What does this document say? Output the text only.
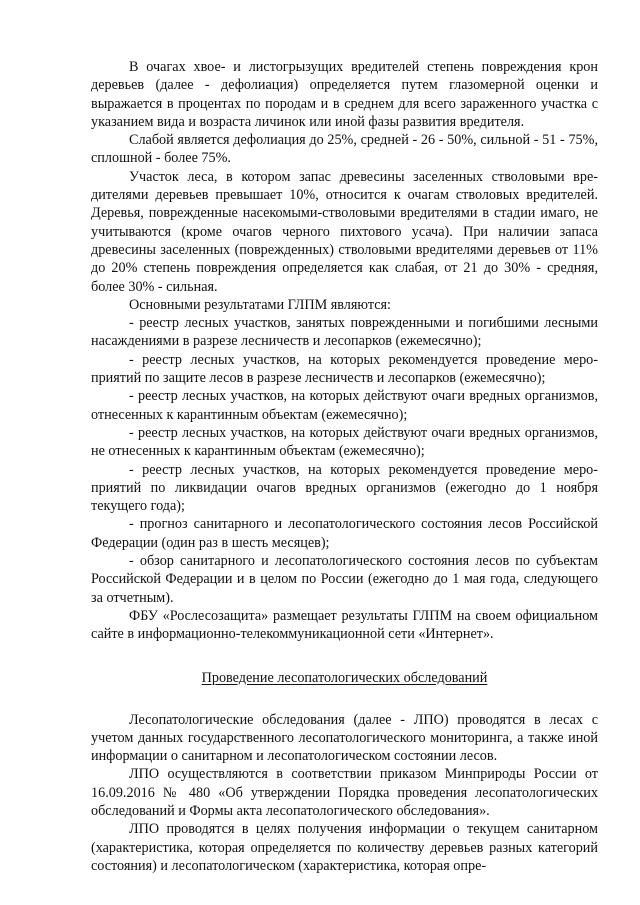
В очагах хвое- и листогрызущих вредителей степень повреждения крон деревьев (далее - дефолиация) определяется путем глазомерной оценки и выражается в процентах по породам и в среднем для всего зараженного участка с указанием вида и возраста личинок или иной фазы развития вредителя.

Слабой является дефолиация до 25%, средней - 26 - 50%, сильной - 51 - 75%, сплошной - более 75%.

Участок леса, в котором запас древесины заселенных стволовыми вредителями деревьев превышает 10%, относится к очагам стволовых вредителей. Деревья, поврежденные насекомыми-стволовыми вредителями в стадии имаго, не учитываются (кроме очагов черного пихтового усача). При наличии запаса древесины заселенных (поврежденных) стволовыми вредителями деревьев от 11% до 20% степень повреждения определяется как слабая, от 21 до 30% - средняя, более 30% - сильная.

Основными результатами ГЛПМ являются:

- реестр лесных участков, занятых поврежденными и погибшими лесными насаждениями в разрезе лесничеств и лесопарков (ежемесячно);

- реестр лесных участков, на которых рекомендуется проведение мероприятий по защите лесов в разрезе лесничеств и лесопарков (ежемесячно);

- реестр лесных участков, на которых действуют очаги вредных организмов, отнесенных к карантинным объектам (ежемесячно);

- реестр лесных участков, на которых действуют очаги вредных организмов, не отнесенных к карантинным объектам (ежемесячно);

- реестр лесных участков, на которых рекомендуется проведение мероприятий по ликвидации очагов вредных организмов (ежегодно до 1 ноября текущего года);

- прогноз санитарного и лесопатологического состояния лесов Российской Федерации (один раз в шесть месяцев);

- обзор санитарного и лесопатологического состояния лесов по субъектам Российской Федерации и в целом по России (ежегодно до 1 мая года, следующего за отчетным).

ФБУ «Рослесозащита» размещает результаты ГЛПМ на своем официальном сайте в информационно-телекоммуникационной сети «Интернет».

Проведение лесопатологических обследований

Лесопатологические обследования (далее - ЛПО) проводятся в лесах с учетом данных государственного лесопатологического мониторинга, а также иной информации о санитарном и лесопатологическом состоянии лесов.

ЛПО осуществляются в соответствии приказом Минприроды России от 16.09.2016 № 480 «Об утверждении Порядка проведения лесопатологических обследований и Формы акта лесопатологического обследования».

ЛПО проводятся в целях получения информации о текущем санитарном (характеристика, которая определяется по количеству деревьев разных категорий состояния) и лесопатологическом (характеристика, которая опре-
